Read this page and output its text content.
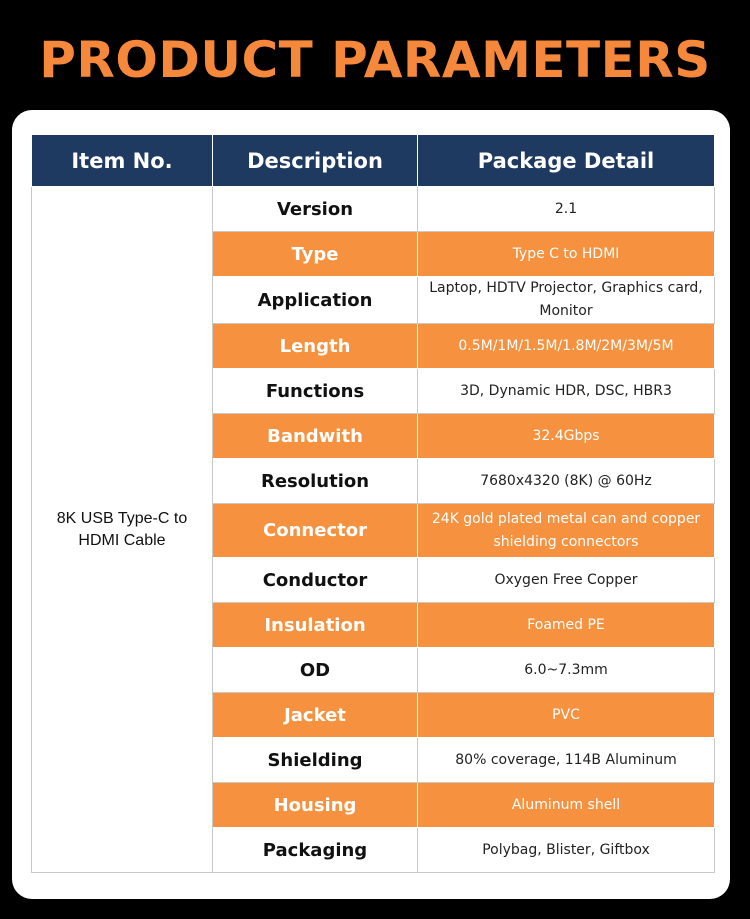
PRODUCT PARAMETERS
Item No.	Description	Package Detail
8K USB Type-C to HDMI Cable	Version	2.1
	Type	Type C to HDMI
	Application	Laptop, HDTV Projector, Graphics card, Monitor
	Length	0.5M/1M/1.5M/1.8M/2M/3M/5M
	Functions	3D, Dynamic HDR, DSC, HBR3
	Bandwith	32.4Gbps
	Resolution	7680x4320 (8K) @ 60Hz
	Connector	24K gold plated metal can and copper shielding connectors
	Conductor	Oxygen Free Copper
	Insulation	Foamed PE
	OD	6.0~7.3mm
	Jacket	PVC
	Shielding	80% coverage, 114B Aluminum
	Housing	Aluminum shell
	Packaging	Polybag, Blister, Giftbox
